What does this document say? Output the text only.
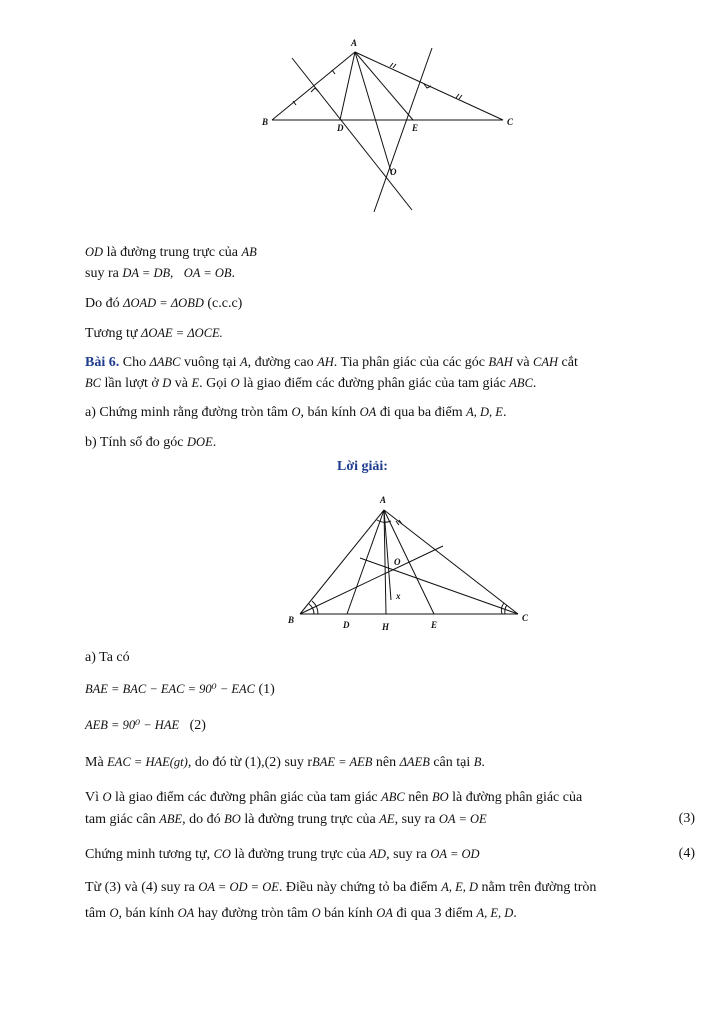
A
B	C
D	E
O
OD là đường trung trực của AB
suy ra DA = DB, OA = OB.
Do đó ΔOAD = ΔOBD (c.c.c)
Tương tự ΔOAE = ΔOCE.
Bài 6. Cho ΔABC vuông tại A, đường cao AH. Tia phân giác của các góc BAH và CAH cắt
BC lần lượt ở D và E. Gọi O là giao điểm các đường phân giác của tam giác ABC.
a) Chứng minh rằng đường tròn tâm O, bán kính OA đi qua ba điểm A, D, E.
b) Tính số đo góc DOE.
Lời giải:
A
B	C
D	H	E
O
x
a) Ta có
BAE = BAC − EAC = 90⁰ − EAC (1)
AEB = 90⁰ − HAE (2)
Mà EAC = HAE(gt), do đó từ (1),(2) suy rBAE = AEB nên ΔAEB cân tại B.
Vì O là giao điểm các đường phân giác của tam giác ABC nên BO là đường phân giác của
tam giác cân ABE, do đó BO là đường trung trực của AE, suy ra OA = OE	(3)
Chứng minh tương tự, CO là đường trung trực của AD, suy ra OA = OD	(4)
Từ (3) và (4) suy ra OA = OD = OE. Điều này chứng tỏ ba điểm A, E, D nằm trên đường tròn
tâm O, bán kính OA hay đường tròn tâm O bán kính OA đi qua 3 điểm A, E, D.
